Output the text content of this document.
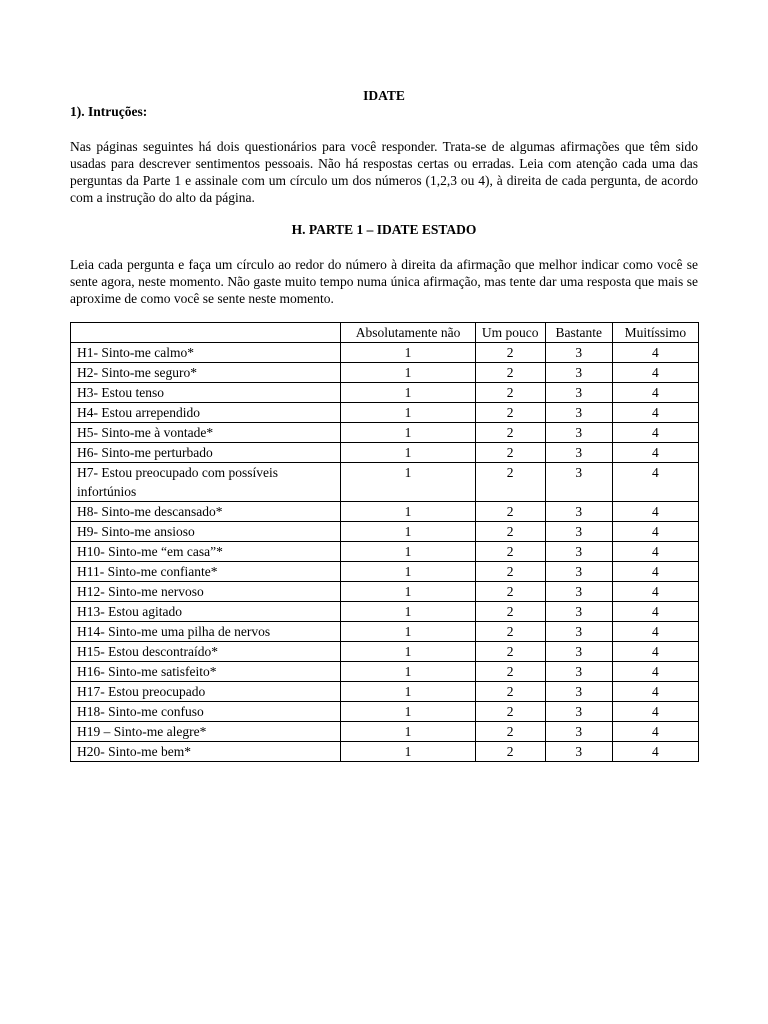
IDATE
1). Intruções:
Nas páginas seguintes há dois questionários para você responder. Trata-se de algumas afirmações que têm sido usadas para descrever sentimentos pessoais. Não há respostas certas ou erradas. Leia com atenção cada uma das perguntas da Parte 1 e assinale com um círculo um dos números (1,2,3 ou 4), à direita de cada pergunta, de acordo com a instrução do alto da página.
H. PARTE 1 – IDATE ESTADO
Leia cada pergunta e faça um círculo ao redor do número à direita da afirmação que melhor indicar como você se sente agora, neste momento. Não gaste muito tempo numa única afirmação, mas tente dar uma resposta que mais se aproxime de como você se sente neste momento.
	Absolutamente não	Um pouco	Bastante	Muitíssimo
H1- Sinto-me calmo*	1	2	3	4
H2- Sinto-me seguro*	1	2	3	4
H3- Estou tenso	1	2	3	4
H4- Estou arrependido	1	2	3	4
H5- Sinto-me à vontade*	1	2	3	4
H6- Sinto-me perturbado	1	2	3	4
H7- Estou preocupado com possíveis infortúnios	1	2	3	4
H8- Sinto-me descansado*	1	2	3	4
H9- Sinto-me ansioso	1	2	3	4
H10- Sinto-me “em casa”*	1	2	3	4
H11- Sinto-me confiante*	1	2	3	4
H12- Sinto-me nervoso	1	2	3	4
H13- Estou agitado	1	2	3	4
H14- Sinto-me uma pilha de nervos	1	2	3	4
H15- Estou descontraído*	1	2	3	4
H16- Sinto-me satisfeito*	1	2	3	4
H17- Estou preocupado	1	2	3	4
H18- Sinto-me confuso	1	2	3	4
H19 – Sinto-me alegre*	1	2	3	4
H20- Sinto-me bem*	1	2	3	4
